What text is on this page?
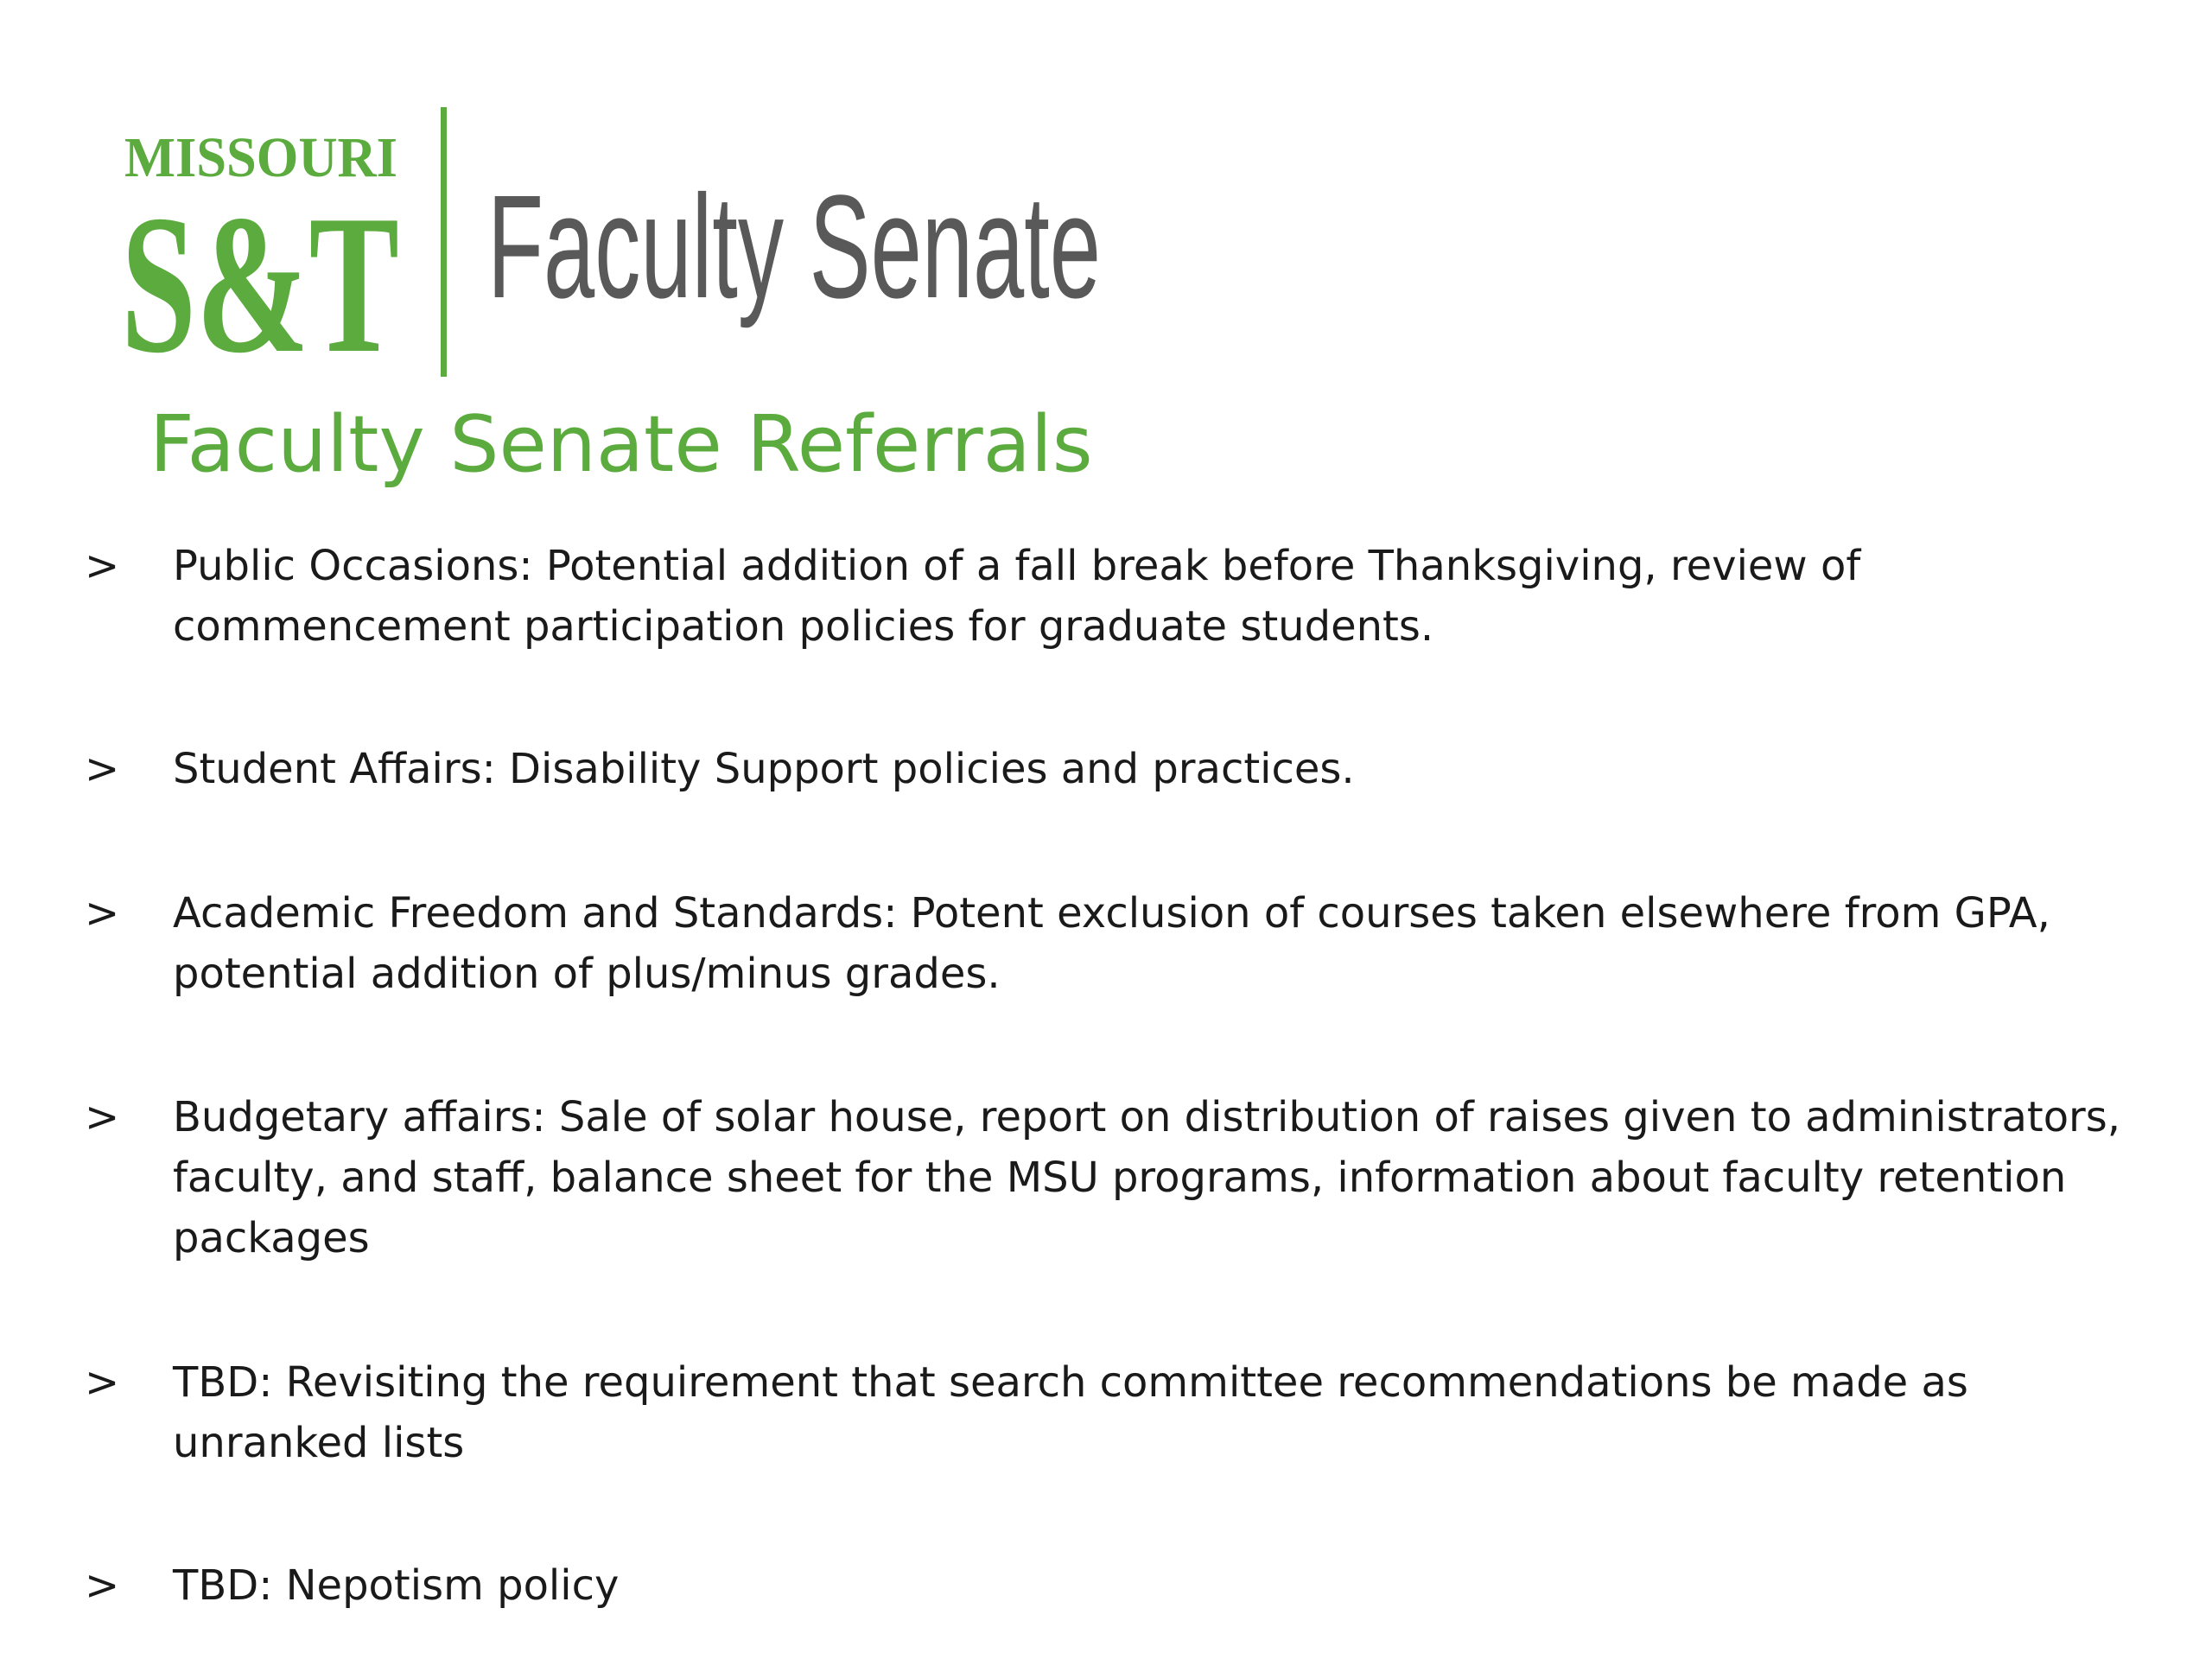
MISSOURI
S&T Faculty Senate
Faculty Senate Referrals
>	Public Occasions: Potential addition of a fall break before Thanksgiving, review of commencement participation policies for graduate students.
>	Student Affairs: Disability Support policies and practices.
>	Academic Freedom and Standards: Potent exclusion of courses taken elsewhere from GPA, potential addition of plus/minus grades.
>	Budgetary affairs: Sale of solar house, report on distribution of raises given to administrators, faculty, and staff, balance sheet for the MSU programs, information about faculty retention packages
>	TBD: Revisiting the requirement that search committee recommendations be made as unranked lists
>	TBD: Nepotism policy
